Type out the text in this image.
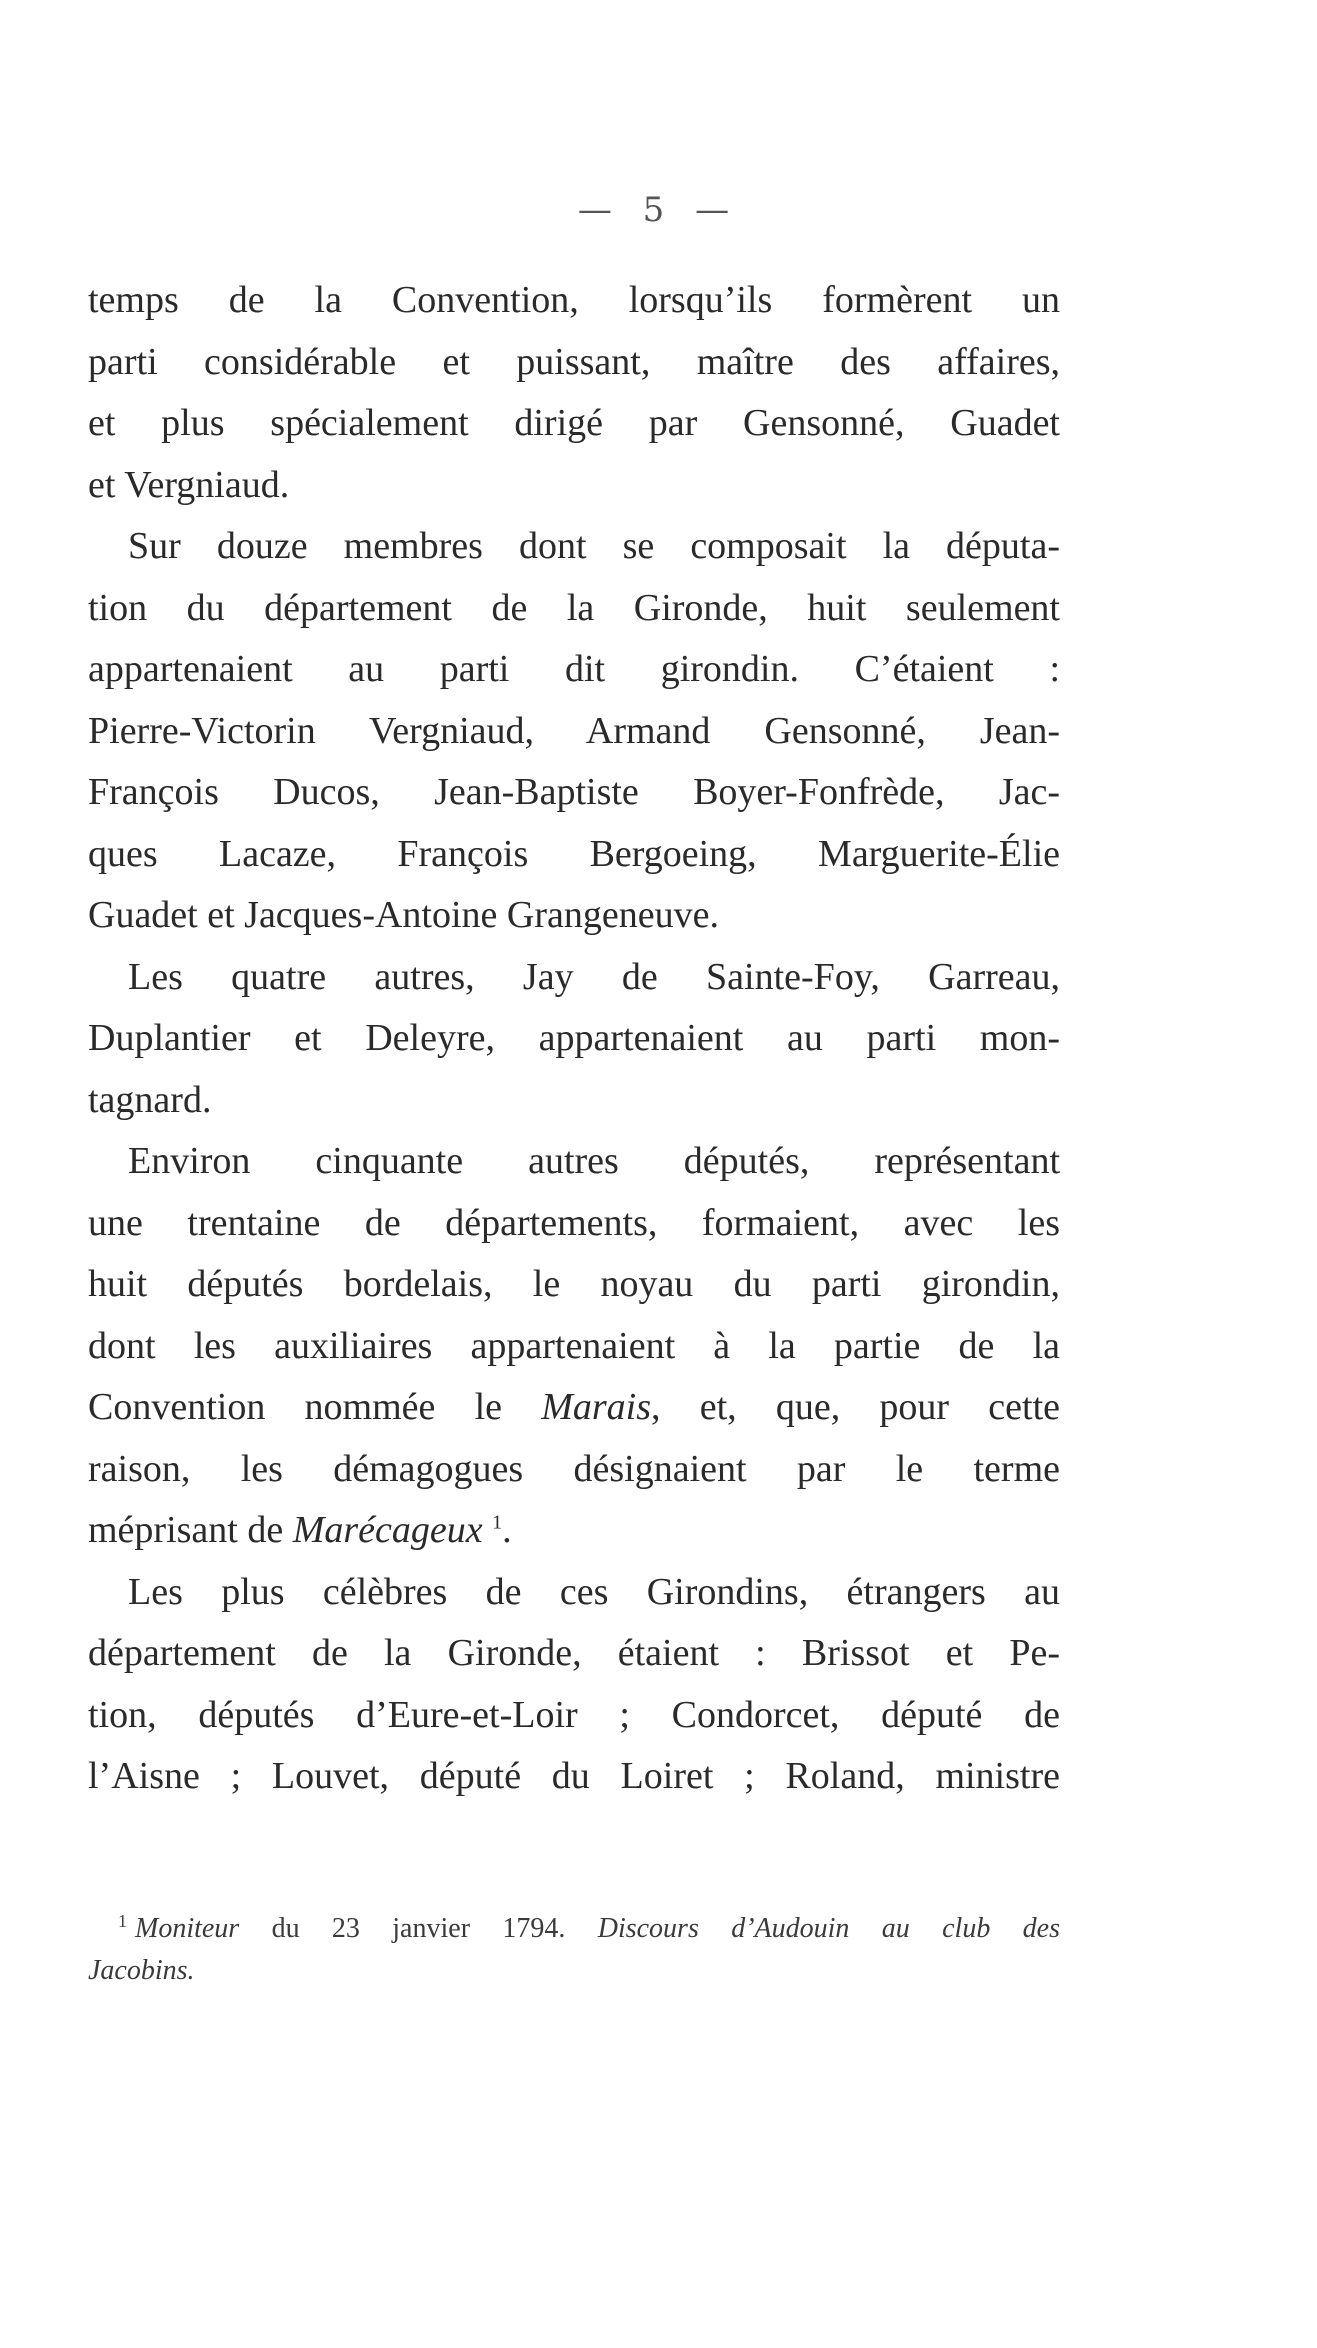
— 5 —

temps de la Convention, lorsqu’ils formèrent un
parti considérable et puissant, maître des affaires,
et plus spécialement dirigé par Gensonné, Guadet
et Vergniaud.

Sur douze membres dont se composait la députa-
tion du département de la Gironde, huit seulement
appartenaient au parti dit girondin. C’étaient :
Pierre-Victorin Vergniaud, Armand Gensonné, Jean-
François Ducos, Jean-Baptiste Boyer-Fonfrède, Jac-
ques Lacaze, François Bergoeing, Marguerite-Élie
Guadet et Jacques-Antoine Grangeneuve.

Les quatre autres, Jay de Sainte-Foy, Garreau,
Duplantier et Deleyre, appartenaient au parti mon-
tagnard.

Environ cinquante autres députés, représentant
une trentaine de départements, formaient, avec les
huit députés bordelais, le noyau du parti girondin,
dont les auxiliaires appartenaient à la partie de la
Convention nommée le Marais, et, que, pour cette
raison, les démagogues désignaient par le terme
méprisant de Marécageux $^1$.

Les plus célèbres de ces Girondins, étrangers au
département de la Gironde, étaient : Brissot et Pe-
tion, députés d’Eure-et-Loir ; Condorcet, député de
l’Aisne ; Louvet, député du Loiret ; Roland, ministre

$^1$ Moniteur du 23 janvier 1794. Discours d’Audouin au club des
Jacobins.
